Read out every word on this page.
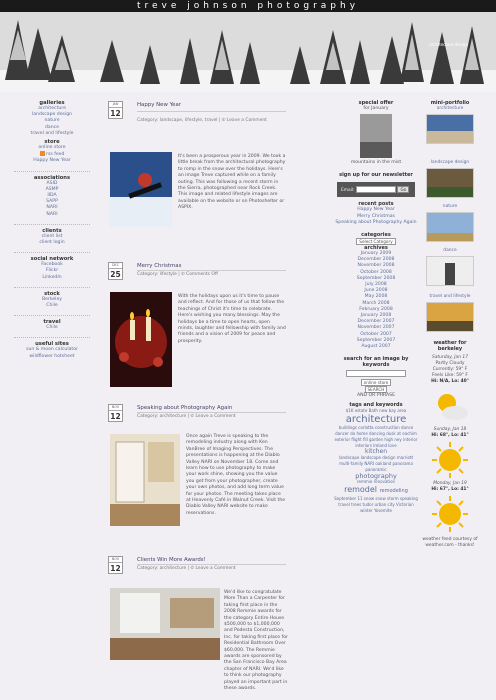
treve johnson photography
architecture design
galleries
architecture
landscape design
nature
dance
travel and lifestyle
store
online store
rss feed
Happy New Year
associations
ASID
ASMP
IIDA
SAPP
NARI
NARI
clients
client list
client login
social network
Facebook
Flickr
LinkedIn
stock
Berkeley
Chile
travel
Chile
useful sites
sun & moon calculator
wildflower hotsheet
JAN
12
Happy New Year
Category: landscape, lifestyle, travel | ✆ Leave a Comment
It's been a prosperous year in 2009. We took a little break from the architectural photography to romp in the snow over the holidays. Here's an image Treve captured while on a family outing. This was following a recent storm in the Sierra, photographed near Rock Creek. This image and related lifestyle images are available on the website or on Photoshelter or ASPIX.
DEC
25
Merry Christmas
Category: lifestyle | ✆ Comments Off
With the holidays upon us it's time to pause and reflect. And for those of us that follow the teachings of Christ it's time to celebrate. Here's wishing you many blessings. May the holidays be a time to open hearts, open minds, laughter and fellowship with family and friends and a vision of 2009 for peace and prosperity.
NOV
12
Speaking about Photography Again
Category: architecture | ✆ Leave a Comment
Once again Treve is speaking to the remodeling industry along with Ken VanBree of Imaging Perspectives. The presentations is happening at the Diablo Valley NARI on November 18. Come and learn how to use photography to make your work shine, showing you the value you get from your photographer, create your own photos, and add long term value for your photos. The meeting takes place at Heavenly Café in Walnut Creek. Visit the Diablo Valley NARI website to make reservations.
NOV
12
Clients Win More Awards!
Category: architecture | ✆ Leave a Comment
We'd like to congratulate More Than a Carpenter for taking first place in the 2008 Remmie awards for the category Entire House $500,000 to $1,000,000 and Podesta Construction, Inc. for taking first place for Residential Bathroom Over $60,000. The Remmie awards are sponsored by the San Francisco Bay Area chapter of NARI. We'd like to think our photography played an important part in these awards.
special offer
for January
mountains in the mist
sign up for our newsletter
Email:	Go
recent posts
Happy New Year
Merry Christmas
Speaking about Photography Again
categories
Select Category
archives
January 2009
December 2008
November 2008
October 2008
September 2008
July 2008
June 2008
May 2008
March 2008
February 2008
January 2008
December 2007
November 2007
October 2007
September 2007
August 2007
search for an image by keywords
online store
SEARCH
AND OR PHRASE
tags and keywords
$1K estate Bath new bay area
architecture
buildings carlotta construction dance dancer do home dancing dusk at eachim exterior flight fill garden high ney interior interiors Ireland love
kitchen
landscape landscape design marriott multi-family NARI oakland panorama panoramic
photography
remmie renovation
remodel remodeling
September 11 snow snow storm speaking travel trees tudor urban city Victorian winter Yosemite
mini-portfolio
architecture
landscape design
nature
dance
travel and lifestyle
weather for berkeley
Saturday, Jan 17
Partly Cloudy
Currently: 59° F
Feels Like: 59° F
Hi: N/A, Lo: 40°
Sunday, Jan 18
Hi: 68°, Lo: 41°
Monday, Jan 19
Hi: 67°, Lo: 41°
weather feed courtesy of weather.com - thanks!
